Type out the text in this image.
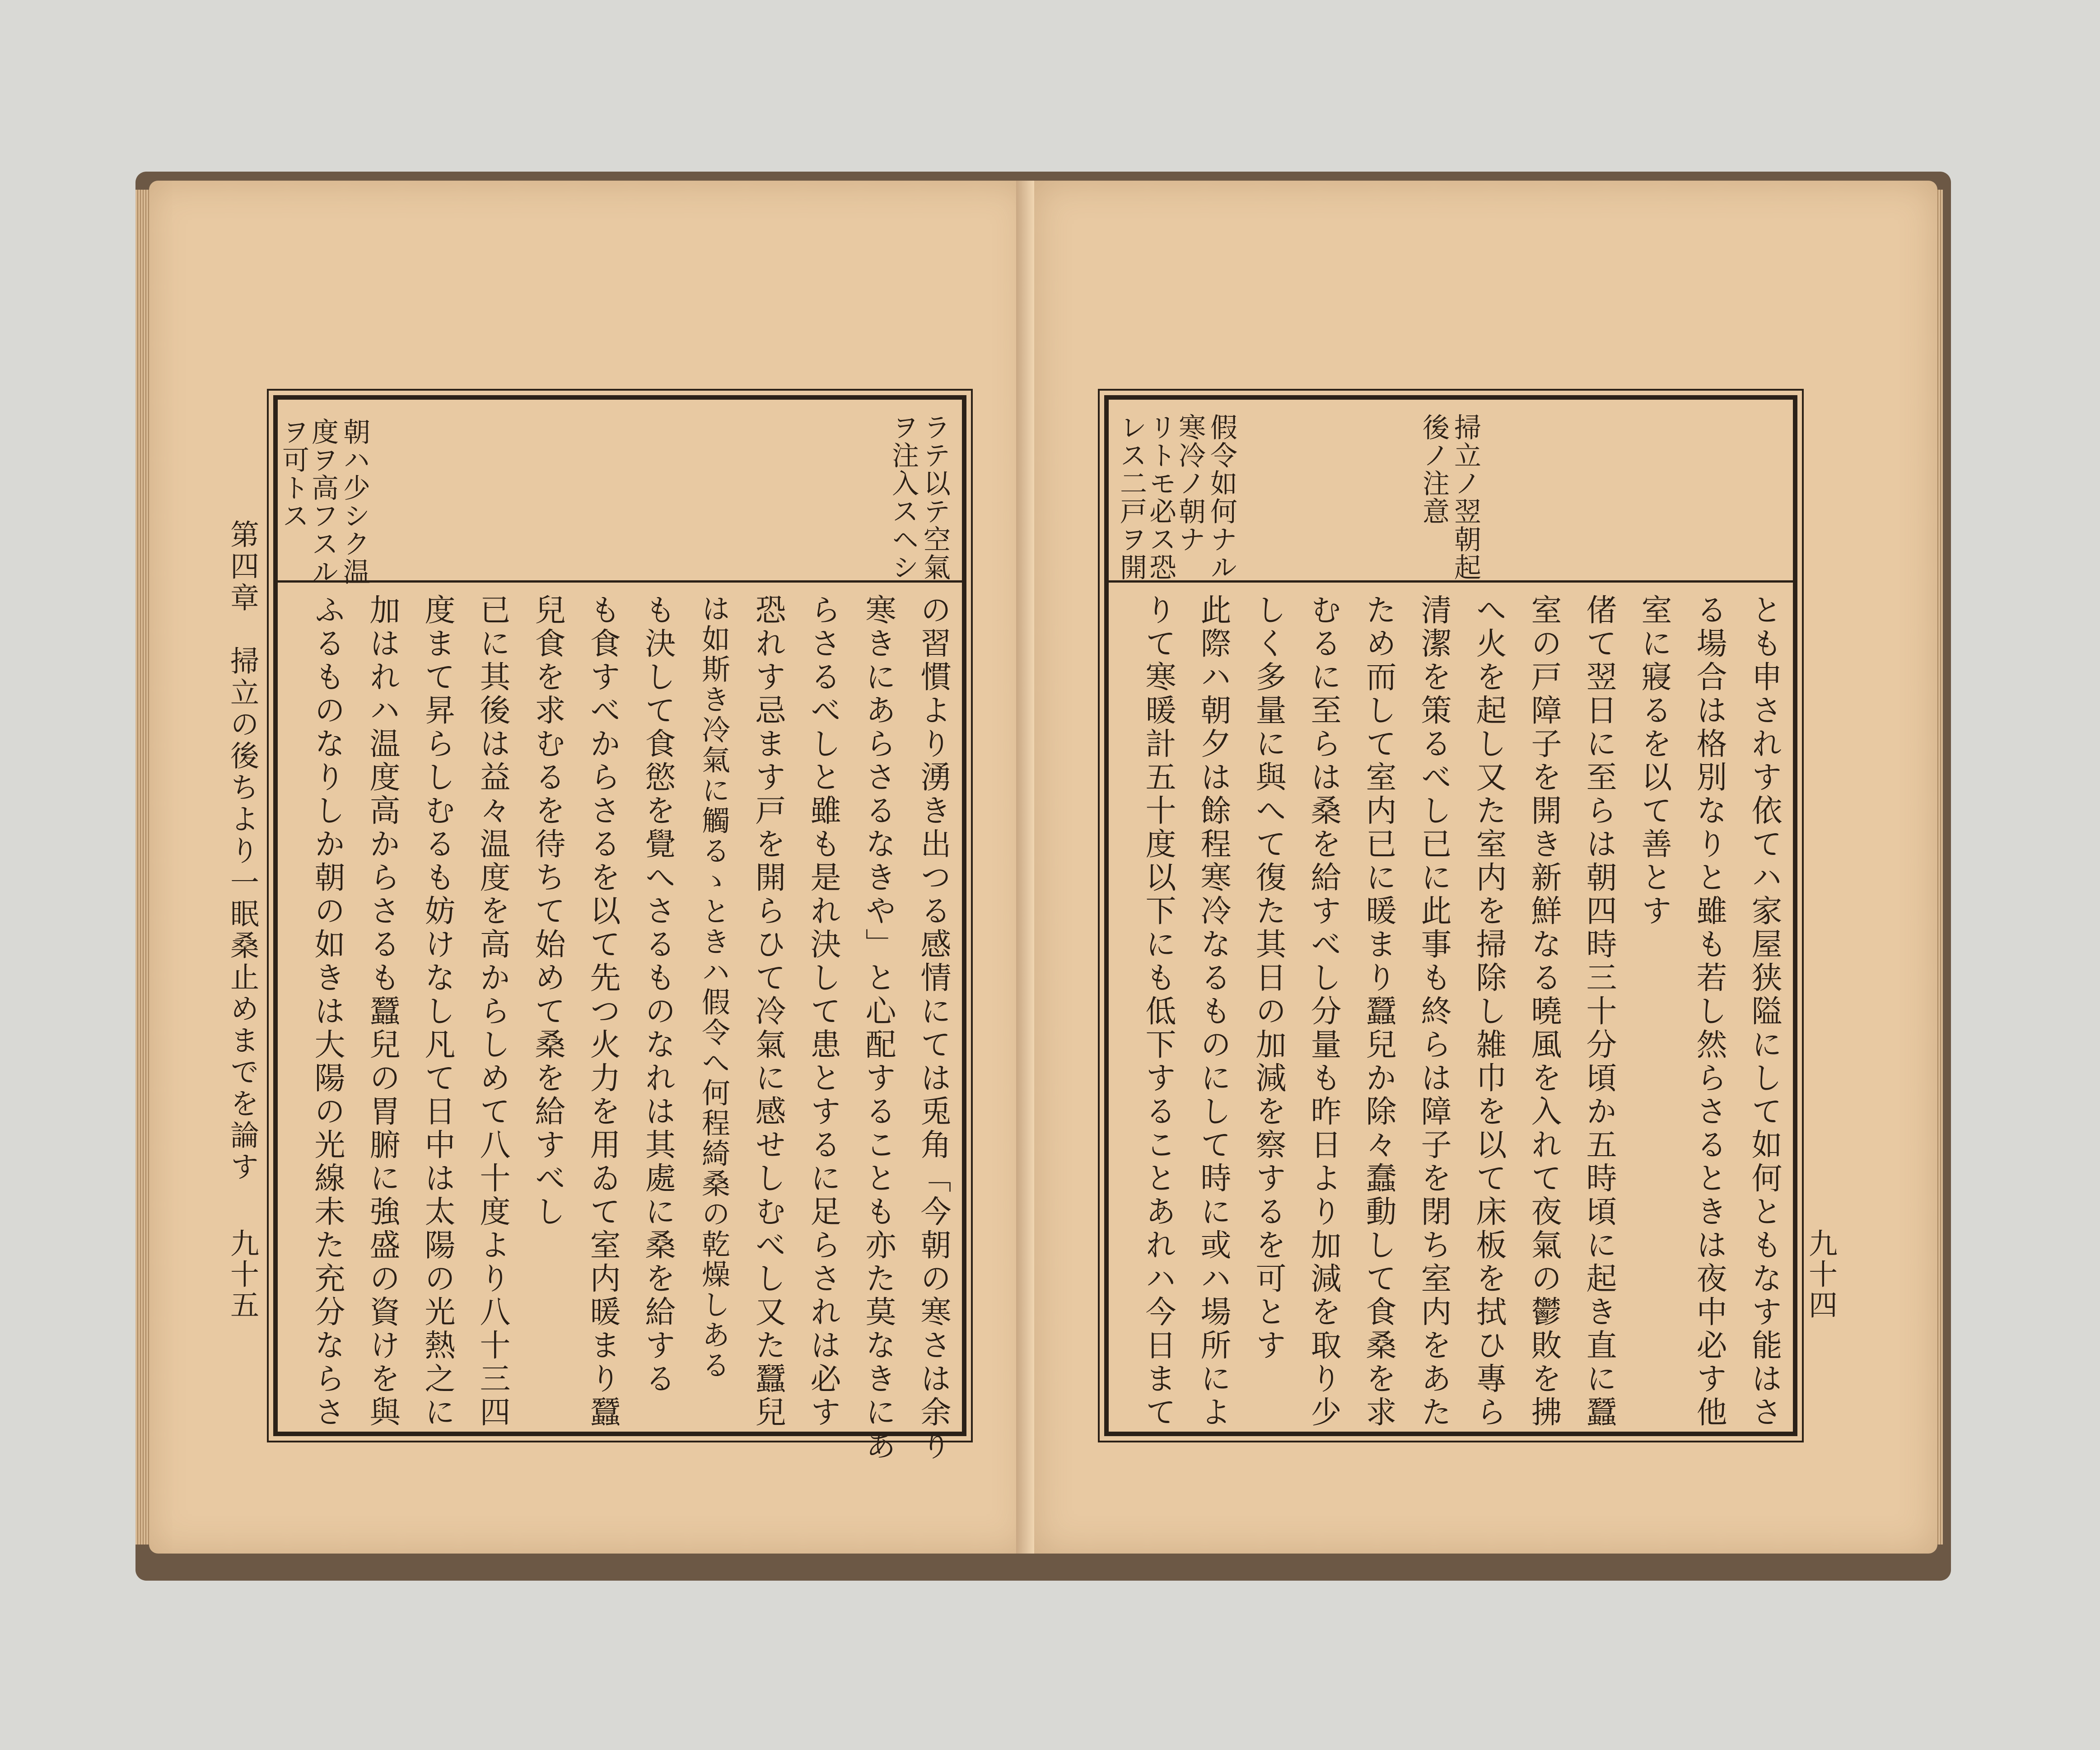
ラテ以テ空氣
ヲ注入スヘシ
朝ハ少シク温
度ヲ高フスル
ヲ可トス
の習慣より湧き出つる感情にては兎角「今朝の寒さは余り
寒きにあらさるなきや」と心配することも亦た莫なきにあ
らさるべしと雖も是れ決して患とするに足らされは必す
恐れす忌ます戸を開らひて冷氣に感せしむべし又た蠶兒
は如斯き冷氣に觸るゝときハ假令へ何程綺桑の乾燥しある
も決して食慾を覺へさるものなれは其處に桑を給する
も食すべからさるを以て先つ火力を用ゐて室内暖まり蠶
兒食を求むるを待ちて始めて桑を給すべし
已に其後は益々温度を高からしめて八十度より八十三四
度まて昇らしむるも妨けなし凡て日中は太陽の光熱之に
加はれハ温度高からさるも蠶兒の胃腑に強盛の資けを與
ふるものなりしか朝の如きは大陽の光線未た充分ならさ
第四章　掃立の後ちより一眠桑止めまでを論す
九十五
掃立ノ翌朝起
後ノ注意
假令如何ナル
寒冷ノ朝ナ
リトモ必ス恐
レス二戸ヲ開
とも申されす依てハ家屋狭隘にして如何ともなす能はさ
る場合は格別なりと雖も若し然らさるときは夜中必す他
室に寢るを以て善とす
偖て翌日に至らは朝四時三十分頃か五時頃に起き直に蠶
室の戸障子を開き新鮮なる曉風を入れて夜氣の鬱敗を拂
へ火を起し又た室内を掃除し雑巾を以て床板を拭ひ專ら
清潔を策るべし已に此事も終らは障子を閉ち室内をあた
ため而して室内已に暖まり蠶兒か除々蠢動して食桑を求
むるに至らは桑を給すべし分量も昨日より加減を取り少
しく多量に與へて復た其日の加減を察するを可とす
此際ハ朝夕は餘程寒冷なるものにして時に或ハ場所によ
りて寒暖計五十度以下にも低下することあれハ今日まて	九十四
